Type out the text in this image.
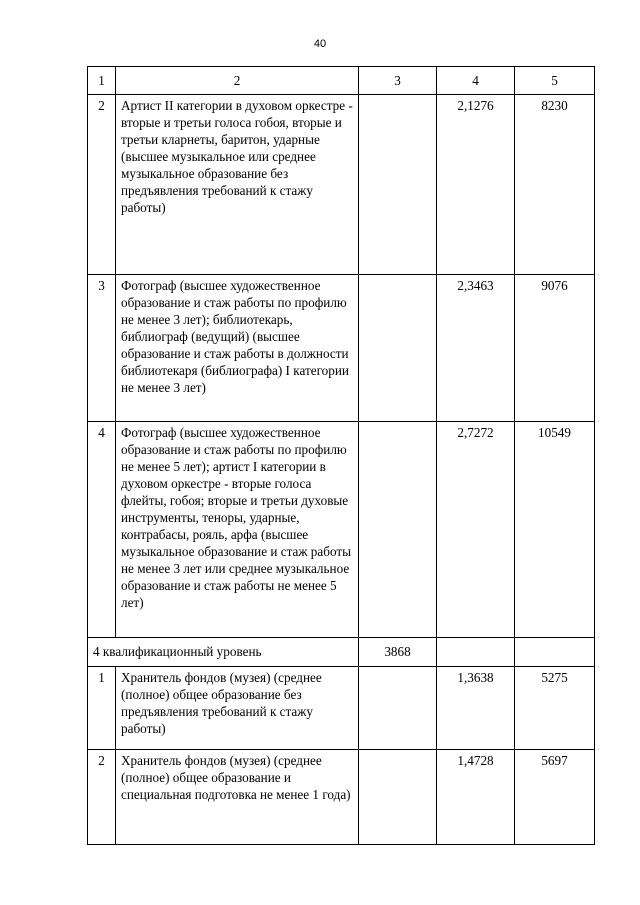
40
1	2	3	4	5
2	Артист II категории в духовом оркестре - вторые и третьи голоса гобоя, вторые и третьи кларнеты, баритон, ударные (высшее музыкальное или среднее музыкальное образование без предъявления требований к стажу работы)		2,1276	8230
3	Фотограф (высшее художественное образование и стаж работы по профилю не менее 3 лет); библиотекарь, библиограф (ведущий) (высшее образование и стаж работы в должности библиотекаря (библиографа) I категории не менее 3 лет)		2,3463	9076
4	Фотограф (высшее художественное образование и стаж работы по профилю не менее 5 лет); артист I категории в духовом оркестре - вторые голоса флейты, гобоя; вторые и третьи духовые инструменты, теноры, ударные, контрабасы, рояль, арфа (высшее музыкальное образование и стаж работы не менее 3 лет или среднее музыкальное образование и стаж работы не менее 5 лет)		2,7272	10549
4 квалификационный уровень		3868		
1	Хранитель фондов (музея) (среднее (полное) общее образование без предъявления требований к стажу работы)		1,3638	5275
2	Хранитель фондов (музея) (среднее (полное) общее образование и специальная подготовка не менее 1 года)		1,4728	5697
